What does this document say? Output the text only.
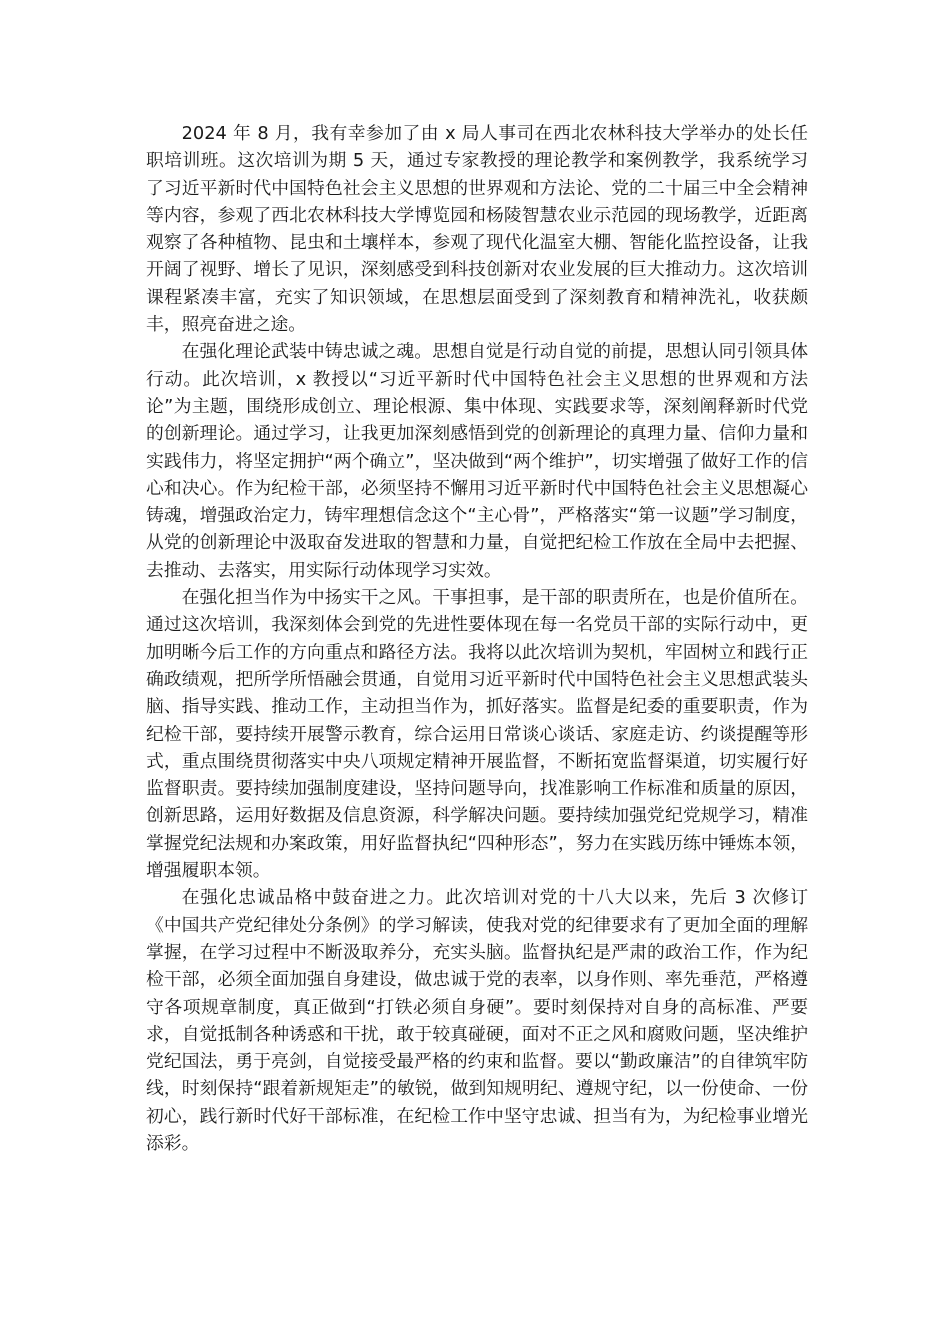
2024 年 8 月，我有幸参加了由 x 局人事司在西北农林科技大学举办的处长任职培训班。这次培训为期 5 天，通过专家教授的理论教学和案例教学，我系统学习了习近平新时代中国特色社会主义思想的世界观和方法论、党的二十届三中全会精神等内容，参观了西北农林科技大学博览园和杨陵智慧农业示范园的现场教学，近距离观察了各种植物、昆虫和土壤样本，参观了现代化温室大棚、智能化监控设备，让我开阔了视野、增长了见识，深刻感受到科技创新对农业发展的巨大推动力。这次培训课程紧凑丰富，充实了知识领域，在思想层面受到了深刻教育和精神洗礼，收获颇丰，照亮奋进之途。

在强化理论武装中铸忠诚之魂。思想自觉是行动自觉的前提，思想认同引领具体行动。此次培训，x 教授以“习近平新时代中国特色社会主义思想的世界观和方法论”为主题，围绕形成创立、理论根源、集中体现、实践要求等，深刻阐释新时代党的创新理论。通过学习，让我更加深刻感悟到党的创新理论的真理力量、信仰力量和实践伟力，将坚定拥护“两个确立”，坚决做到“两个维护”，切实增强了做好工作的信心和决心。作为纪检干部，必须坚持不懈用习近平新时代中国特色社会主义思想凝心铸魂，增强政治定力，铸牢理想信念这个“主心骨”，严格落实“第一议题”学习制度，从党的创新理论中汲取奋发进取的智慧和力量，自觉把纪检工作放在全局中去把握、去推动、去落实，用实际行动体现学习实效。

在强化担当作为中扬实干之风。干事担事，是干部的职责所在，也是价值所在。通过这次培训，我深刻体会到党的先进性要体现在每一名党员干部的实际行动中，更加明晰今后工作的方向重点和路径方法。我将以此次培训为契机，牢固树立和践行正确政绩观，把所学所悟融会贯通，自觉用习近平新时代中国特色社会主义思想武装头脑、指导实践、推动工作，主动担当作为，抓好落实。监督是纪委的重要职责，作为纪检干部，要持续开展警示教育，综合运用日常谈心谈话、家庭走访、约谈提醒等形式，重点围绕贯彻落实中央八项规定精神开展监督，不断拓宽监督渠道，切实履行好监督职责。要持续加强制度建设，坚持问题导向，找准影响工作标准和质量的原因，创新思路，运用好数据及信息资源，科学解决问题。要持续加强党纪党规学习，精准掌握党纪法规和办案政策，用好监督执纪“四种形态”，努力在实践历练中锤炼本领，增强履职本领。

在强化忠诚品格中鼓奋进之力。此次培训对党的十八大以来，先后 3 次修订《中国共产党纪律处分条例》的学习解读，使我对党的纪律要求有了更加全面的理解掌握，在学习过程中不断汲取养分，充实头脑。监督执纪是严肃的政治工作，作为纪检干部，必须全面加强自身建设，做忠诚于党的表率，以身作则、率先垂范，严格遵守各项规章制度，真正做到“打铁必须自身硬”。要时刻保持对自身的高标准、严要求，自觉抵制各种诱惑和干扰，敢于较真碰硬，面对不正之风和腐败问题，坚决维护党纪国法，勇于亮剑，自觉接受最严格的约束和监督。要以“勤政廉洁”的自律筑牢防线，时刻保持“跟着新规矩走”的敏锐，做到知规明纪、遵规守纪，以一份使命、一份初心，践行新时代好干部标准，在纪检工作中坚守忠诚、担当有为，为纪检事业增光添彩。
